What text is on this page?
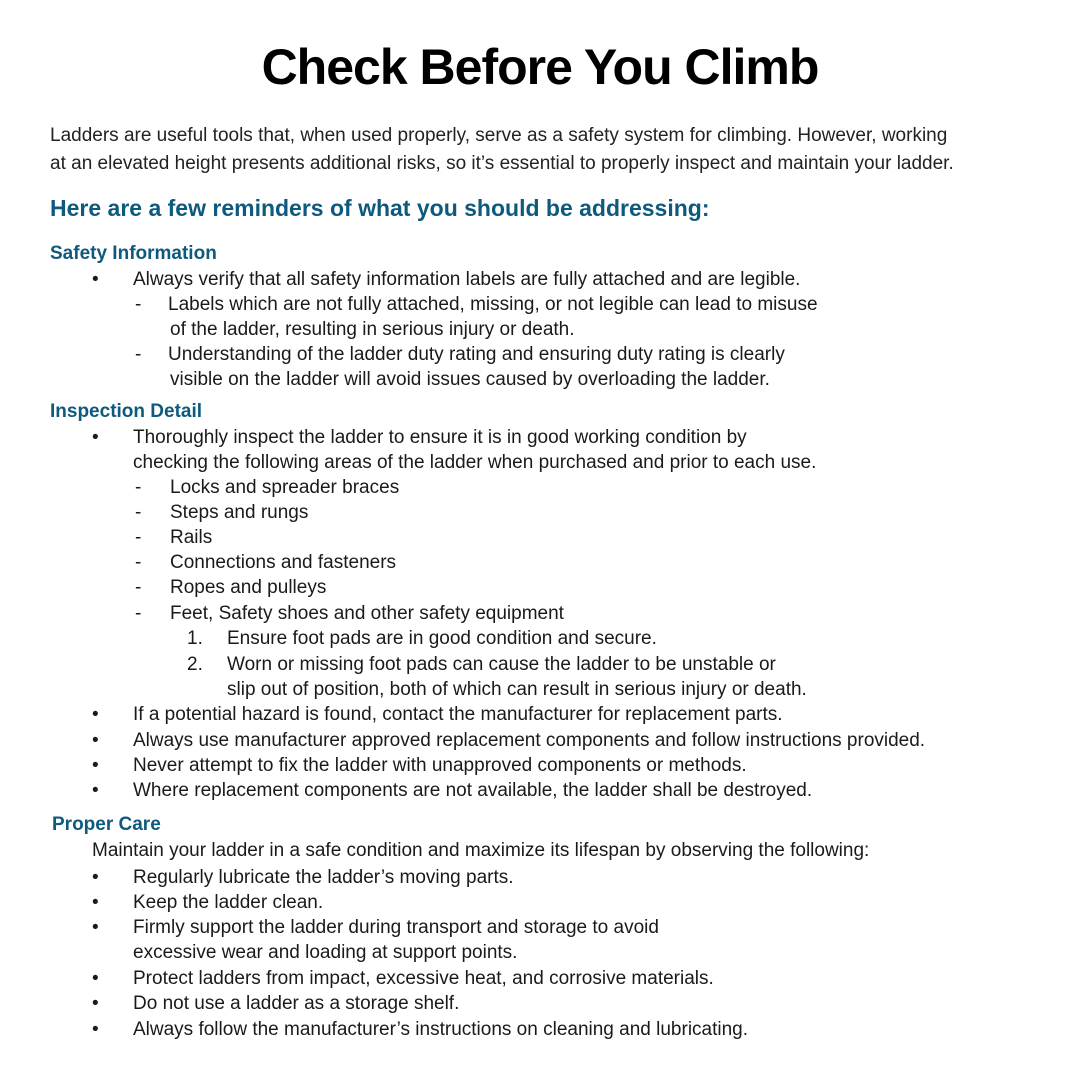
Check Before You Climb

Ladders are useful tools that, when used properly, serve as a safety system for climbing. However, working

at an elevated height presents additional risks, so it’s essential to properly inspect and maintain your ladder.

Here are a few reminders of what you should be addressing:
Safety Information
• Always verify that all safety information labels are fully attached and are legible.
- Labels which are not fully attached, missing, or not legible can lead to misuse
of the ladder, resulting in serious injury or death.
- Understanding of the ladder duty rating and ensuring duty rating is clearly
visible on the ladder will avoid issues caused by overloading the ladder.
Inspection Detail
• Thoroughly inspect the ladder to ensure it is in good working condition by
checking the following areas of the ladder when purchased and prior to each use.
- Locks and spreader braces
- Steps and rungs
- Rails
- Connections and fasteners
- Ropes and pulleys
- Feet, Safety shoes and other safety equipment
1. Ensure foot pads are in good condition and secure.
2. Worn or missing foot pads can cause the ladder to be unstable or
slip out of position, both of which can result in serious injury or death.
• If a potential hazard is found, contact the manufacturer for replacement parts.
• Always use manufacturer approved replacement components and follow instructions provided.
• Never attempt to fix the ladder with unapproved components or methods.
• Where replacement components are not available, the ladder shall be destroyed.
Proper Care
Maintain your ladder in a safe condition and maximize its lifespan by observing the following:
• Regularly lubricate the ladder’s moving parts.
• Keep the ladder clean.
• Firmly support the ladder during transport and storage to avoid
excessive wear and loading at support points.
• Protect ladders from impact, excessive heat, and corrosive materials.
• Do not use a ladder as a storage shelf.
• Always follow the manufacturer’s instructions on cleaning and lubricating.
